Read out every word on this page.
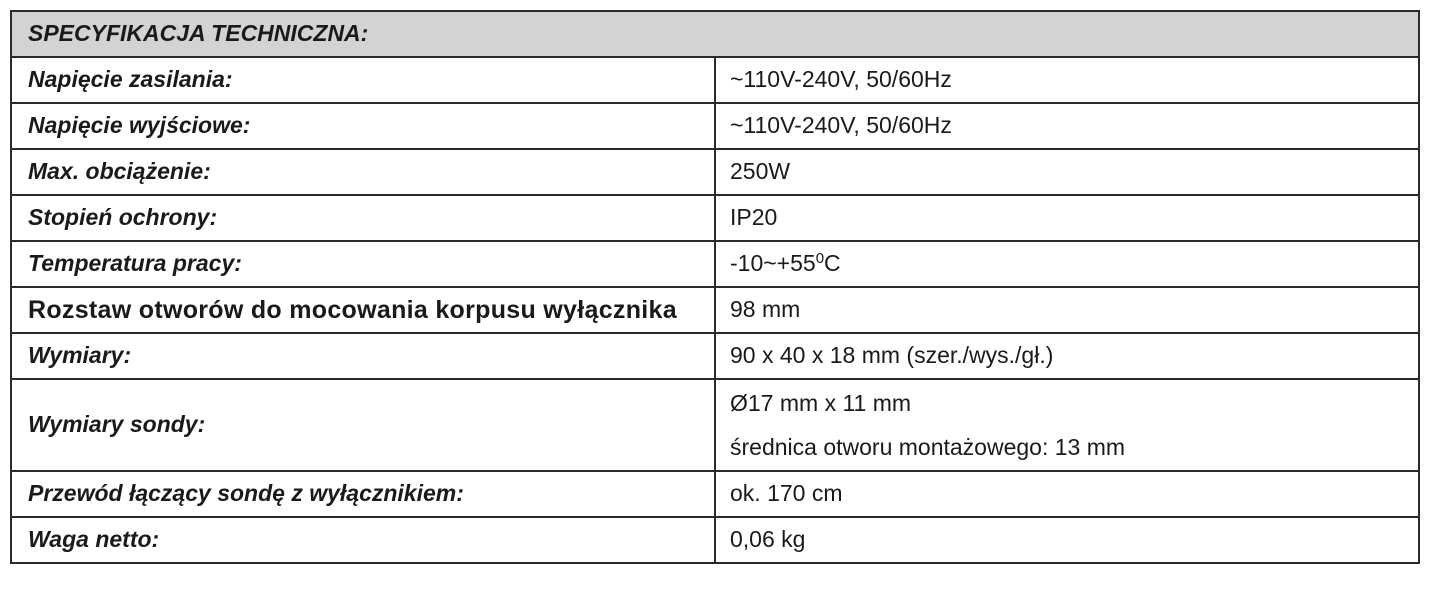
SPECYFIKACJA TECHNICZNA:	
Napięcie zasilania:	~110V-240V, 50/60Hz
Napięcie wyjściowe:	~110V-240V, 50/60Hz
Max. obciążenie:	250W
Stopień ochrony:	IP20
Temperatura pracy:	$-10\sim+55^0C$
Rozstaw otworów do mocowania korpusu wyłącznika	98 mm
Wymiary:	90 x 40 x 18 mm (szer./wys./gł.)
Wymiary sondy:	Ø17 mm x 11 mm
średnica otworu montażowego: 13 mm

Przewód łączący sondę z wyłącznikiem:	ok. 170 cm
Waga netto:	0,06 kg
